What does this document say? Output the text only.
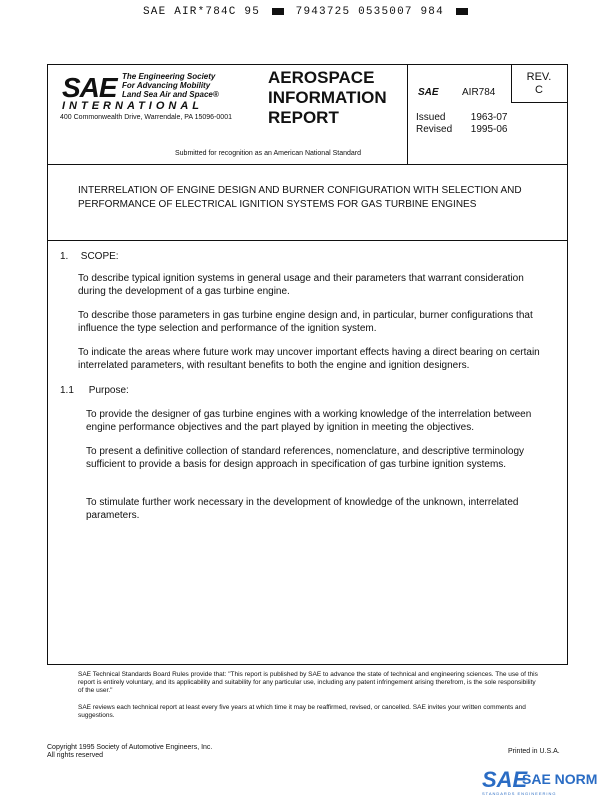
SAE AIR*784C 95	7943725 0535007 984
SAE The Engineering Society
For Advancing Mobility
Land Sea Air and Space®
INTERNATIONAL
400 Commonwealth Drive, Warrendale, PA 15096-0001
AEROSPACE
INFORMATION
REPORT
SAE AIR784
REV.
C
Issued	1963-07
Revised 1995-06
Submitted for recognition as an American National Standard
INTERRELATION OF ENGINE DESIGN AND BURNER CONFIGURATION WITH SELECTION AND PERFORMANCE OF ELECTRICAL IGNITION SYSTEMS FOR GAS TURBINE ENGINES
1. SCOPE:
To describe typical ignition systems in general usage and their parameters that warrant consideration during the development of a gas turbine engine.
To describe those parameters in gas turbine engine design and, in particular, burner configurations that influence the type selection and performance of the ignition system.
To indicate the areas where future work may uncover important effects having a direct bearing on certain interrelated parameters, with resultant benefits to both the engine and ignition designers.
1.1 Purpose:
To provide the designer of gas turbine engines with a working knowledge of the interrelation between engine performance objectives and the part played by ignition in meeting the objectives.
To present a definitive collection of standard references, nomenclature, and descriptive terminology sufficient to provide a basis for design approach in specification of gas turbine ignition systems.
To stimulate further work necessary in the development of knowledge of the unknown, interrelated parameters.
SAE Technical Standards Board Rules provide that: "This report is published by SAE to advance the state of technical and engineering sciences. The use of this report is entirely voluntary, and its applicability and suitability for any particular use, including any patent infringement arising therefrom, is the sole responsibility of the user."
SAE reviews each technical report at least every five years at which time it may be reaffirmed, revised, or cancelled. SAE invites your written comments and suggestions.
Copyright 1995 Society of Automotive Engineers, Inc.
All rights reserved
Printed in U.S.A.
SAE
SAE NORM
STANDARDS ENGINEERING
